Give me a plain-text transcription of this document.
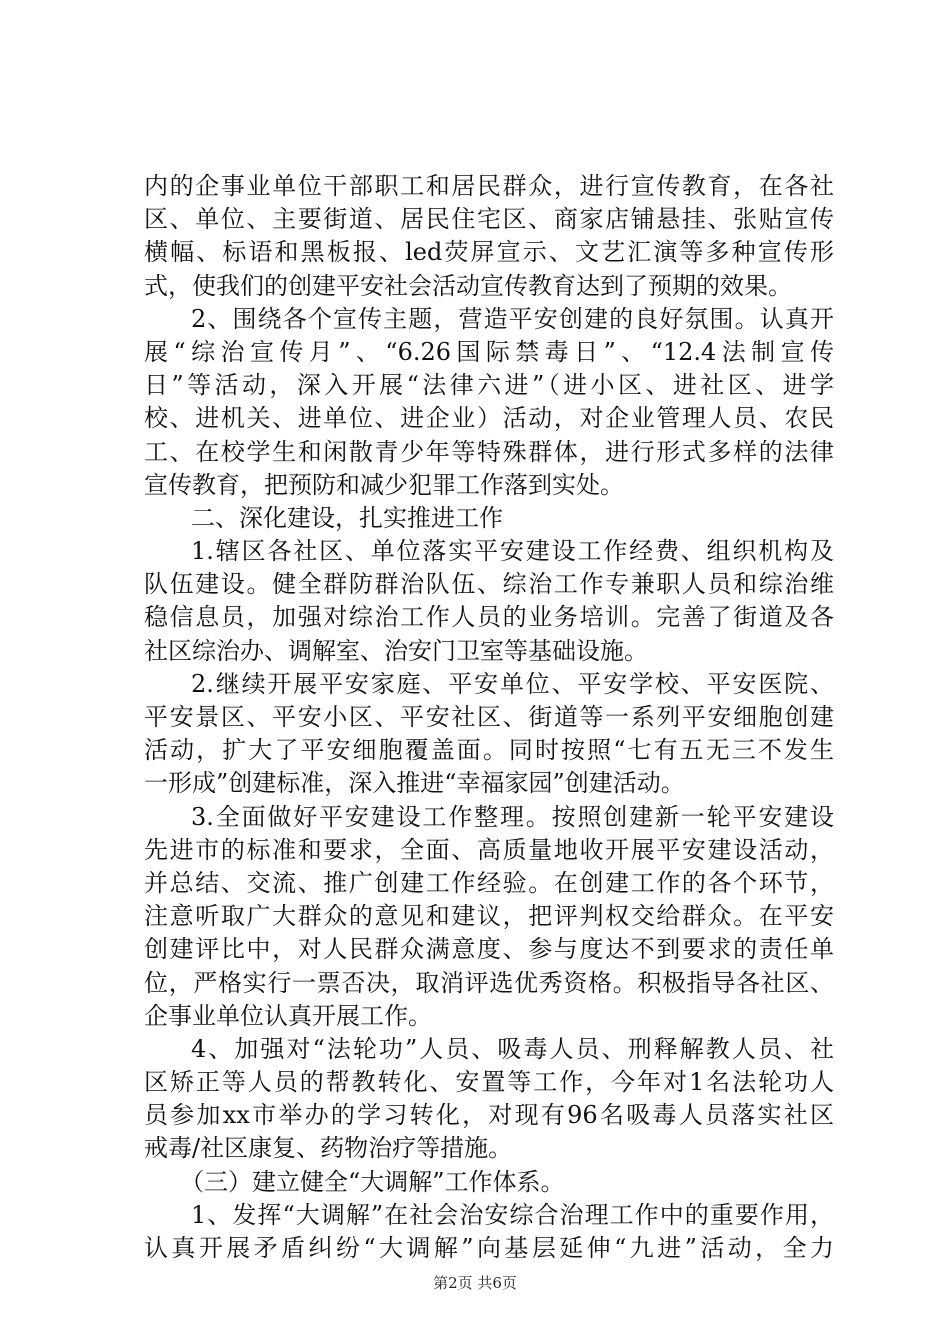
内的企事业单位干部职工和居民群众，进行宣传教育，在各社
区、单位、主要街道、居民住宅区、商家店铺悬挂、张贴宣传
横幅、标语和黑板报、led荧屏宣示、文艺汇演等多种宣传形
式，使我们的创建平安社会活动宣传教育达到了预期的效果。
2、围绕各个宣传主题，营造平安创建的良好氛围。认真开
展“综治宣传月”、“6.26国际禁毒日”、“12.4法制宣传
日”等活动，深入开展“法律六进”（进小区、进社区、进学
校、进机关、进单位、进企业）活动，对企业管理人员、农民
工、在校学生和闲散青少年等特殊群体，进行形式多样的法律
宣传教育，把预防和减少犯罪工作落到实处。
二、深化建设，扎实推进工作
1.辖区各社区、单位落实平安建设工作经费、组织机构及
队伍建设。健全群防群治队伍、综治工作专兼职人员和综治维
稳信息员，加强对综治工作人员的业务培训。完善了街道及各
社区综治办、调解室、治安门卫室等基础设施。
2.继续开展平安家庭、平安单位、平安学校、平安医院、
平安景区、平安小区、平安社区、街道等一系列平安细胞创建
活动，扩大了平安细胞覆盖面。同时按照“七有五无三不发生
一形成”创建标准，深入推进“幸福家园”创建活动。
3.全面做好平安建设工作整理。按照创建新一轮平安建设
先进市的标准和要求，全面、高质量地收开展平安建设活动，
并总结、交流、推广创建工作经验。在创建工作的各个环节，
注意听取广大群众的意见和建议，把评判权交给群众。在平安
创建评比中，对人民群众满意度、参与度达不到要求的责任单
位，严格实行一票否决，取消评选优秀资格。积极指导各社区、
企事业单位认真开展工作。
4、加强对“法轮功”人员、吸毒人员、刑释解教人员、社
区矫正等人员的帮教转化、安置等工作，今年对1名法轮功人
员参加xx市举办的学习转化，对现有96名吸毒人员落实社区
戒毒/社区康复、药物治疗等措施。
（三）建立健全“大调解”工作体系。
1、发挥“大调解”在社会治安综合治理工作中的重要作用，
认真开展矛盾纠纷“大调解”向基层延伸“九进”活动，全力
第2页 共6页
